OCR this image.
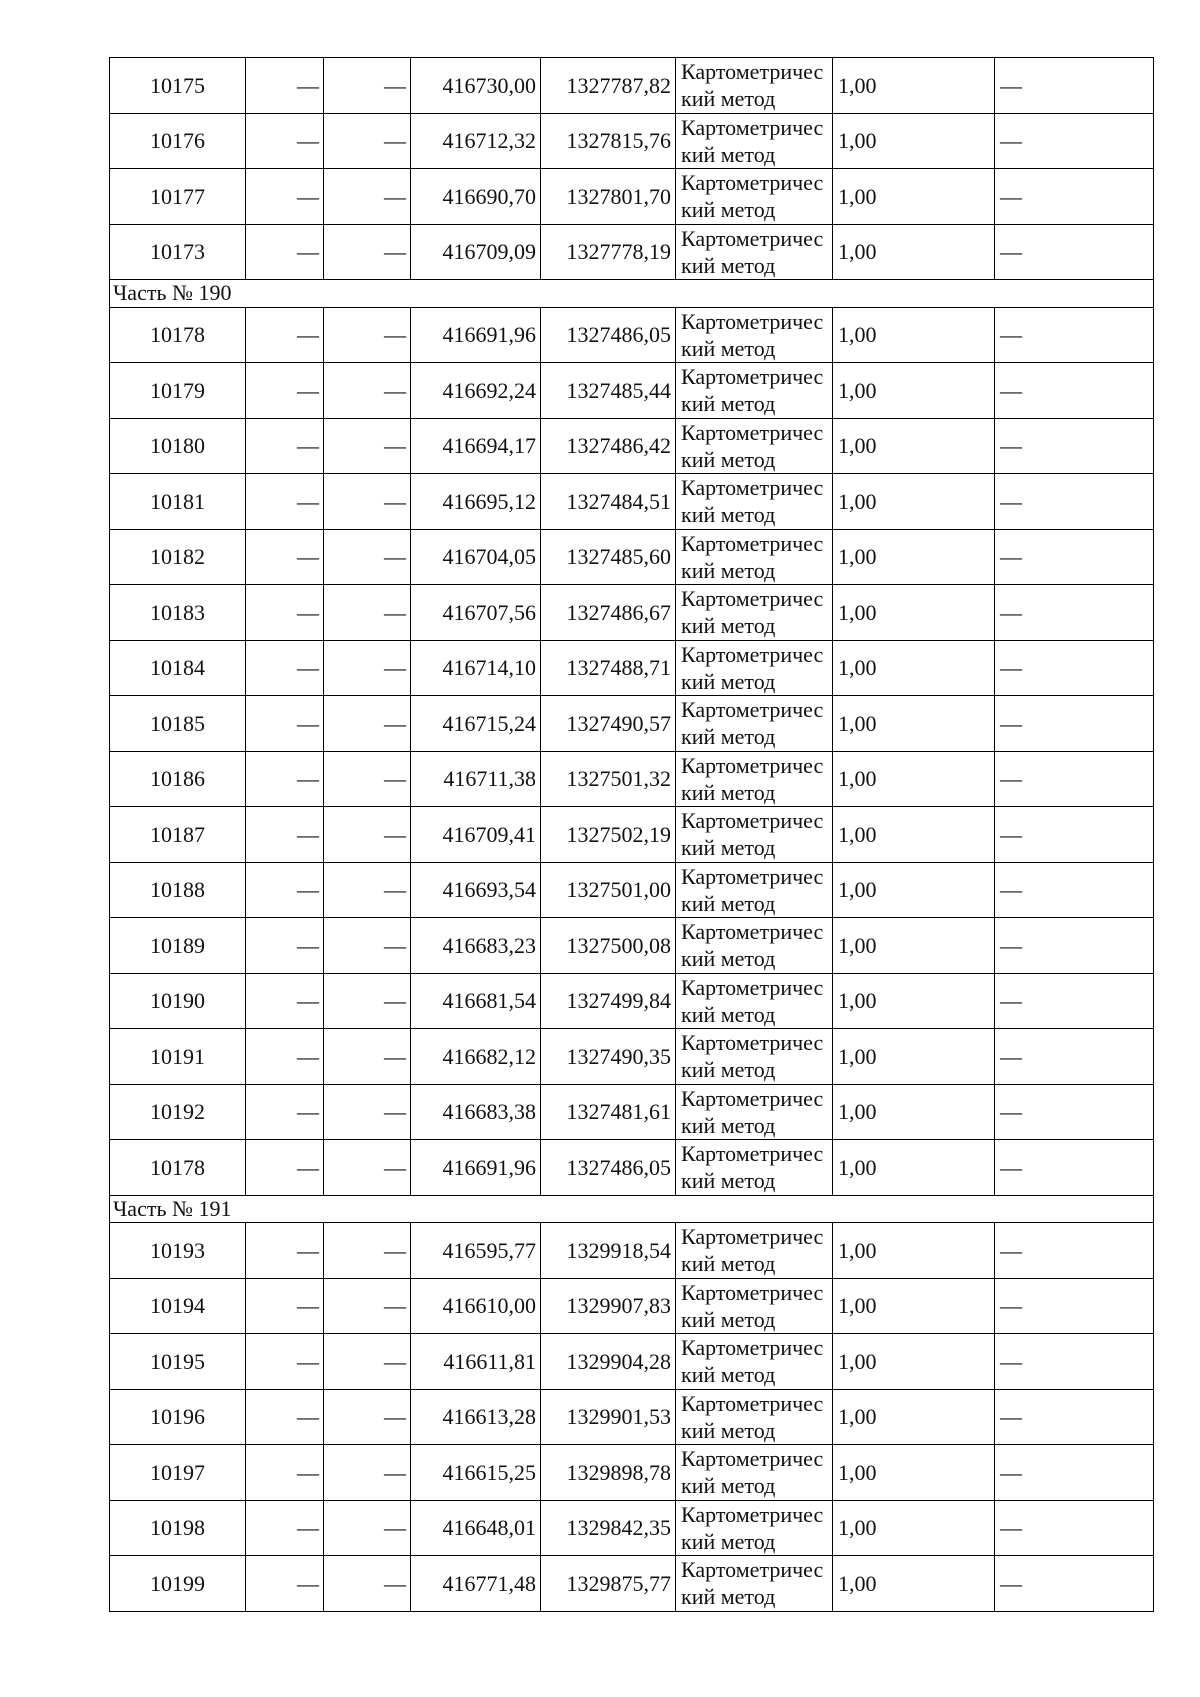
10175	—	—	416730,00	1327787,82	Картометрический метод	1,00	—
10176	—	—	416712,32	1327815,76	Картометрический метод	1,00	—
10177	—	—	416690,70	1327801,70	Картометрический метод	1,00	—
10173	—	—	416709,09	1327778,19	Картометрический метод	1,00	—
Часть № 190							
10178	—	—	416691,96	1327486,05	Картометрический метод	1,00	—
10179	—	—	416692,24	1327485,44	Картометрический метод	1,00	—
10180	—	—	416694,17	1327486,42	Картометрический метод	1,00	—
10181	—	—	416695,12	1327484,51	Картометрический метод	1,00	—
10182	—	—	416704,05	1327485,60	Картометрический метод	1,00	—
10183	—	—	416707,56	1327486,67	Картометрический метод	1,00	—
10184	—	—	416714,10	1327488,71	Картометрический метод	1,00	—
10185	—	—	416715,24	1327490,57	Картометрический метод	1,00	—
10186	—	—	416711,38	1327501,32	Картометрический метод	1,00	—
10187	—	—	416709,41	1327502,19	Картометрический метод	1,00	—
10188	—	—	416693,54	1327501,00	Картометрический метод	1,00	—
10189	—	—	416683,23	1327500,08	Картометрический метод	1,00	—
10190	—	—	416681,54	1327499,84	Картометрический метод	1,00	—
10191	—	—	416682,12	1327490,35	Картометрический метод	1,00	—
10192	—	—	416683,38	1327481,61	Картометрический метод	1,00	—
10178	—	—	416691,96	1327486,05	Картометрический метод	1,00	—
Часть № 191							
10193	—	—	416595,77	1329918,54	Картометрический метод	1,00	—
10194	—	—	416610,00	1329907,83	Картометрический метод	1,00	—
10195	—	—	416611,81	1329904,28	Картометрический метод	1,00	—
10196	—	—	416613,28	1329901,53	Картометрический метод	1,00	—
10197	—	—	416615,25	1329898,78	Картометрический метод	1,00	—
10198	—	—	416648,01	1329842,35	Картометрический метод	1,00	—
10199	—	—	416771,48	1329875,77	Картометрический метод	1,00	—
